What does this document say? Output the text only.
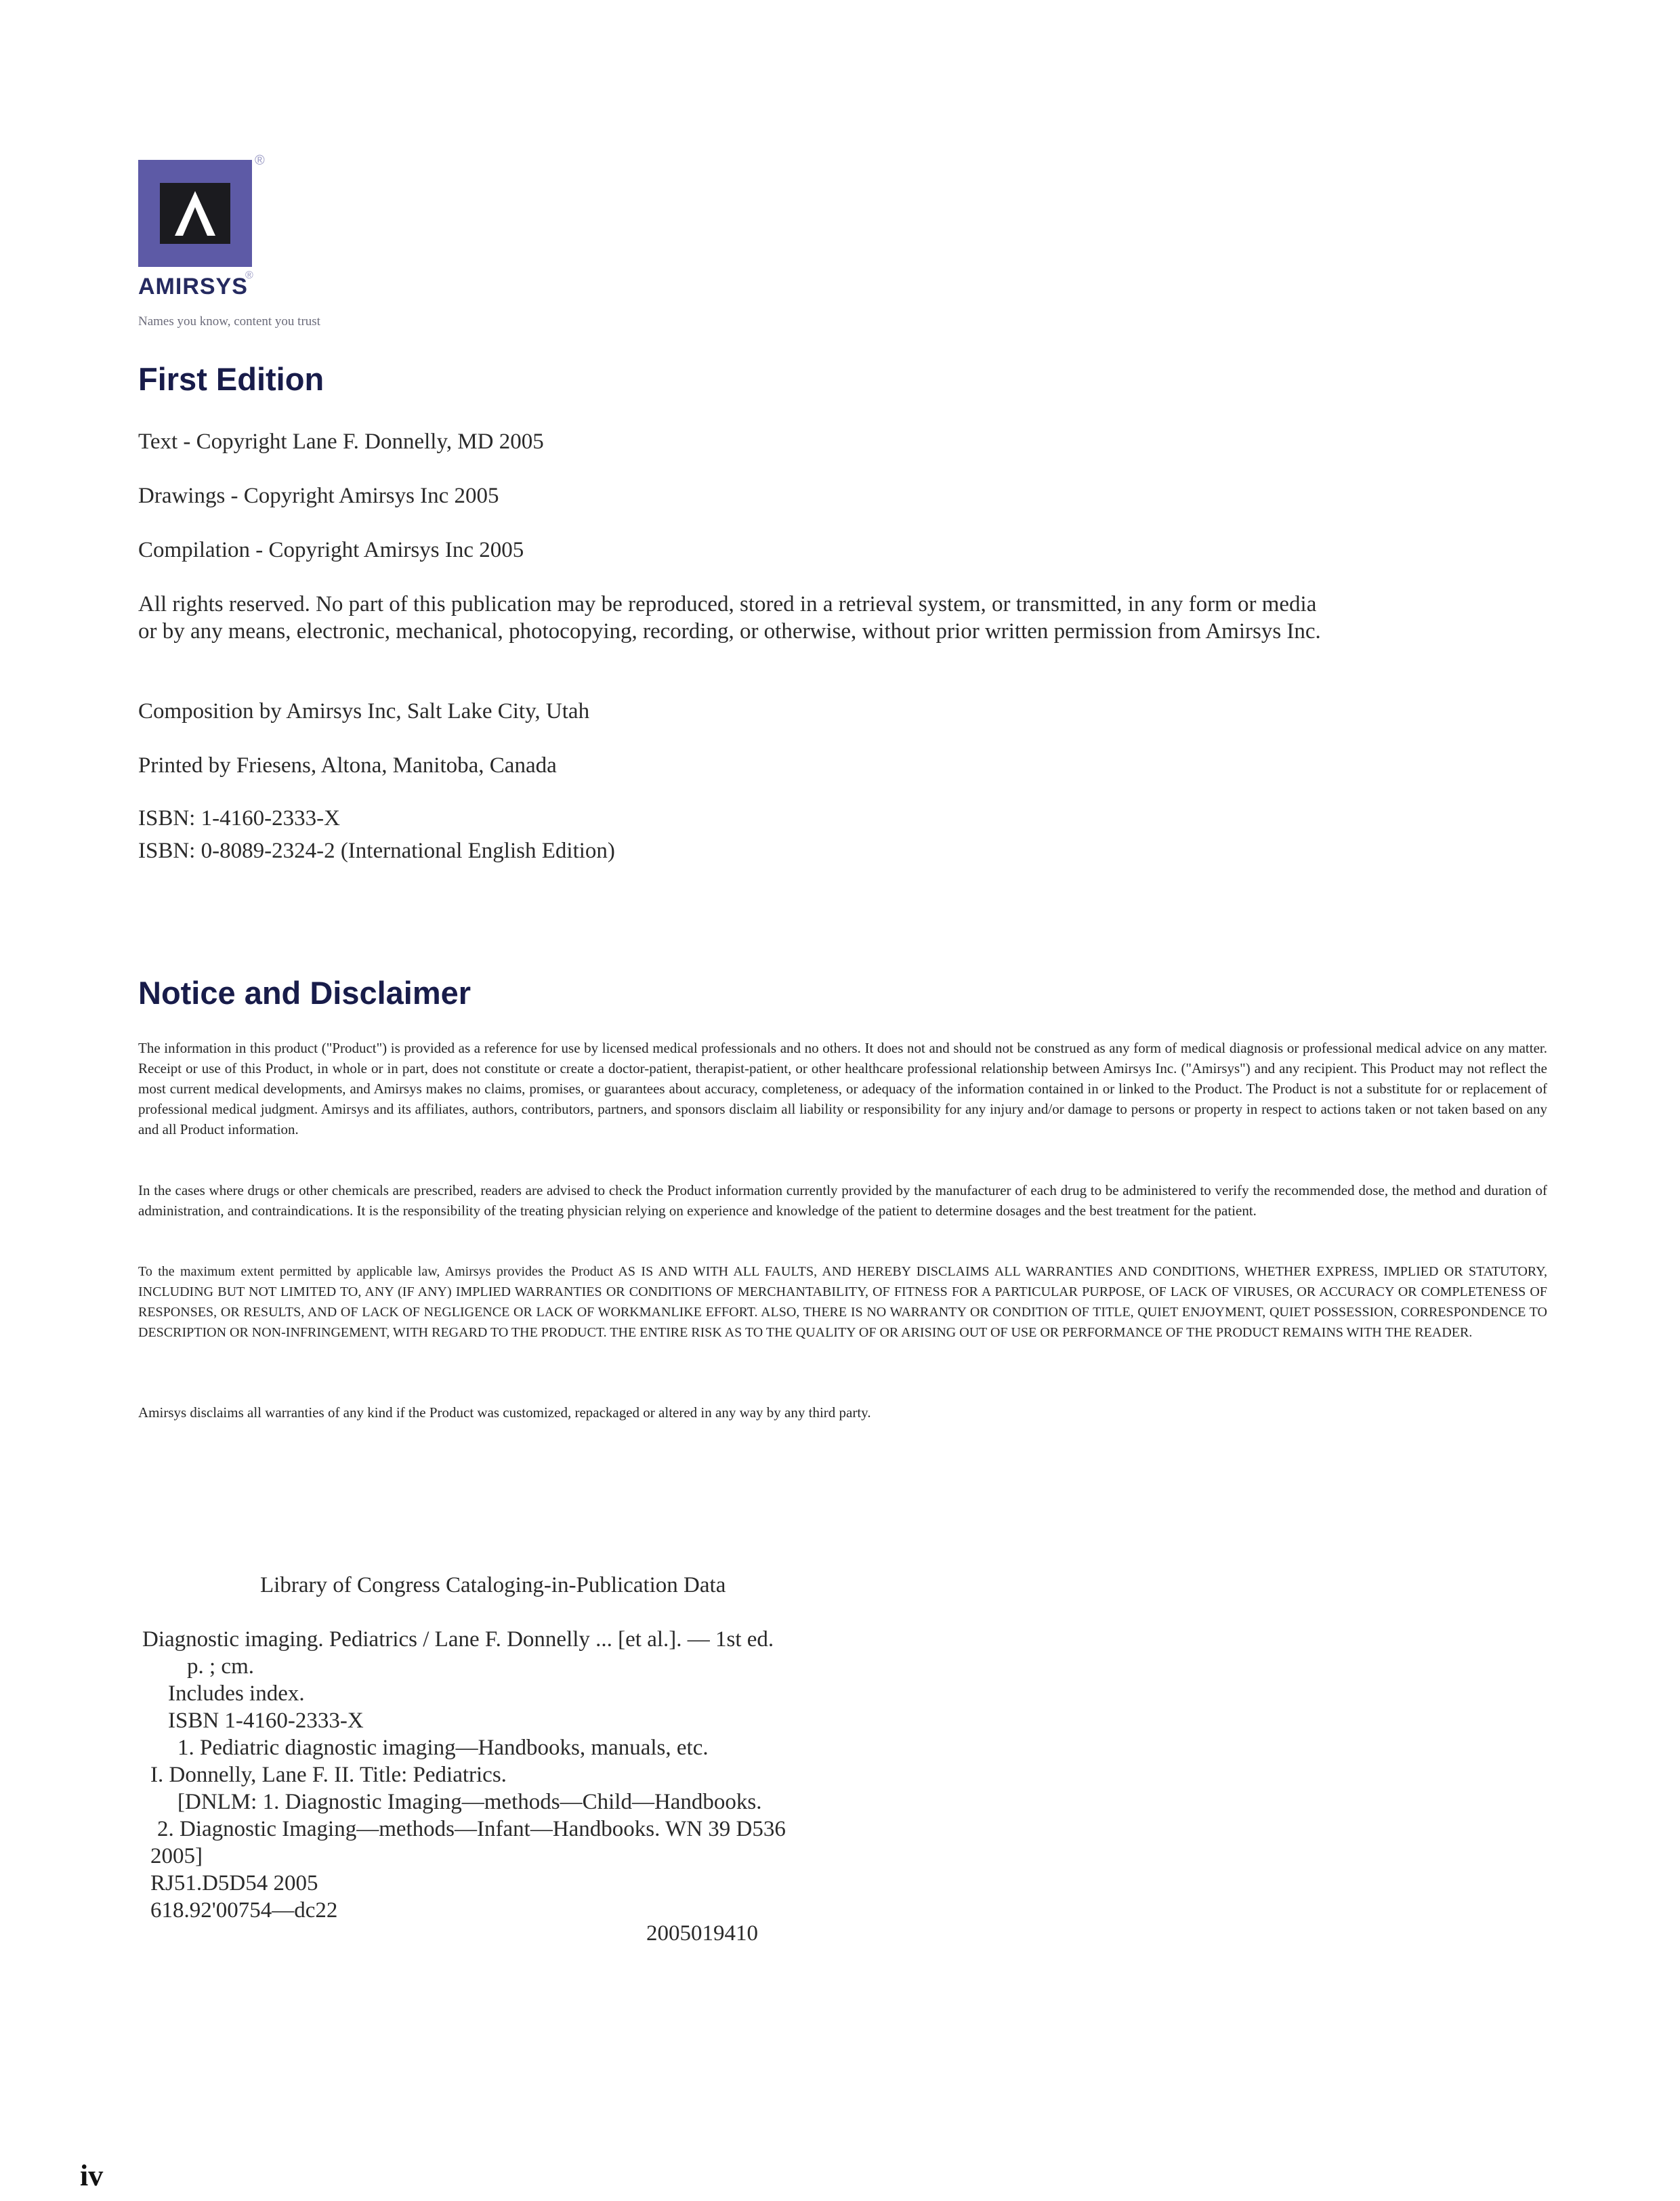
®
AMIRSYS
®
Names you know, content you trust
First Edition
Text - Copyright Lane F. Donnelly, MD 2005
Drawings - Copyright Amirsys Inc 2005
Compilation - Copyright Amirsys Inc 2005
All rights reserved. No part of this publication may be reproduced, stored in a retrieval system, or transmitted, in any form or media
or by any means, electronic, mechanical, photocopying, recording, or otherwise, without prior written permission from Amirsys Inc.
Composition by Amirsys Inc, Salt Lake City, Utah
Printed by Friesens, Altona, Manitoba, Canada
ISBN: 1-4160-2333-X
ISBN: 0-8089-2324-2 (International English Edition)
Notice and Disclaimer
The information in this product ("Product") is provided as a reference for use by licensed medical professionals and no others. It does not and should not be construed as any form of medical diagnosis or professional medical advice on any matter. Receipt or use of this Product, in whole or in part, does not constitute or create a doctor-patient, therapist-patient, or other healthcare professional relationship between Amirsys Inc. ("Amirsys") and any recipient. This Product may not reflect the most current medical developments, and Amirsys makes no claims, promises, or guarantees about accuracy, completeness, or adequacy of the information contained in or linked to the Product. The Product is not a substitute for or replacement of professional medical judgment. Amirsys and its affiliates, authors, contributors, partners, and sponsors disclaim all liability or responsibility for any injury and/or damage to persons or property in respect to actions taken or not taken based on any and all Product information.
In the cases where drugs or other chemicals are prescribed, readers are advised to check the Product information currently provided by the manufacturer of each drug to be administered to verify the recommended dose, the method and duration of administration, and contraindications. It is the responsibility of the treating physician relying on experience and knowledge of the patient to determine dosages and the best treatment for the patient.
To the maximum extent permitted by applicable law, Amirsys provides the Product AS IS AND WITH ALL FAULTS, AND HEREBY DISCLAIMS ALL WARRANTIES AND CONDITIONS, WHETHER EXPRESS, IMPLIED OR STATUTORY, INCLUDING BUT NOT LIMITED TO, ANY (IF ANY) IMPLIED WARRANTIES OR CONDITIONS OF MERCHANTABILITY, OF FITNESS FOR A PARTICULAR PURPOSE, OF LACK OF VIRUSES, OR ACCURACY OR COMPLETENESS OF RESPONSES, OR RESULTS, AND OF LACK OF NEGLIGENCE OR LACK OF WORKMANLIKE EFFORT. ALSO, THERE IS NO WARRANTY OR CONDITION OF TITLE, QUIET ENJOYMENT, QUIET POSSESSION, CORRESPONDENCE TO DESCRIPTION OR NON-INFRINGEMENT, WITH REGARD TO THE PRODUCT. THE ENTIRE RISK AS TO THE QUALITY OF OR ARISING OUT OF USE OR PERFORMANCE OF THE PRODUCT REMAINS WITH THE READER.
Amirsys disclaims all warranties of any kind if the Product was customized, repackaged or altered in any way by any third party.
Library of Congress Cataloging-in-Publication Data
Diagnostic imaging. Pediatrics / Lane F. Donnelly ... [et al.]. — 1st ed.
p. ; cm.
Includes index.
ISBN 1-4160-2333-X
1. Pediatric diagnostic imaging—Handbooks, manuals, etc.
I. Donnelly, Lane F. II. Title: Pediatrics.
[DNLM: 1. Diagnostic Imaging—methods—Child—Handbooks.
2. Diagnostic Imaging—methods—Infant—Handbooks. WN 39 D536
2005]
RJ51.D5D54 2005
618.92'00754—dc22
2005019410
iv
